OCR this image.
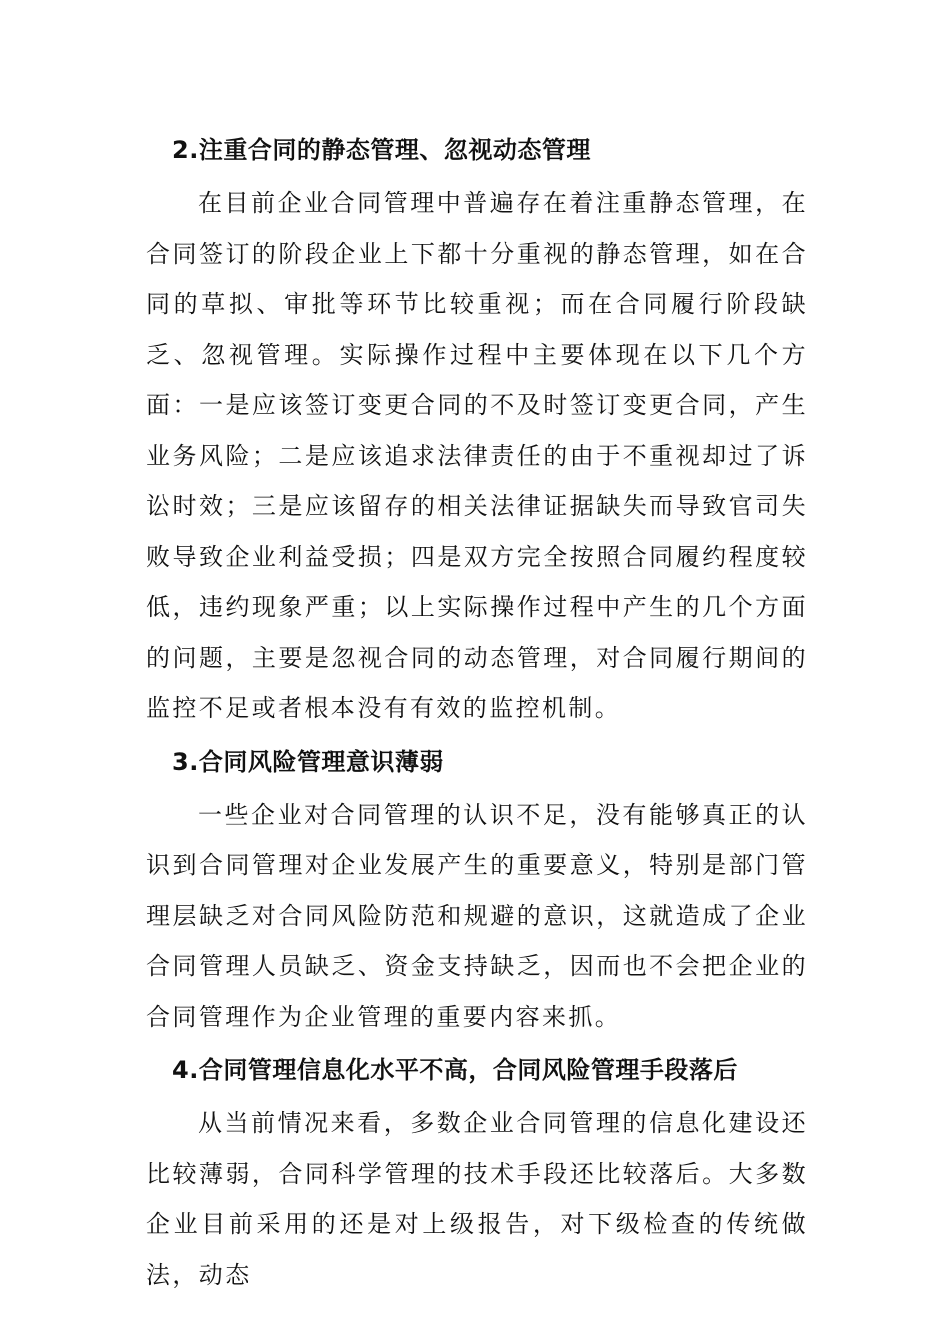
2.注重合同的静态管理、忽视动态管理

在目前企业合同管理中普遍存在着注重静态管理，在合同签订的阶段企业上下都十分重视的静态管理，如在合同的草拟、审批等环节比较重视；而在合同履行阶段缺乏、忽视管理。实际操作过程中主要体现在以下几个方面：一是应该签订变更合同的不及时签订变更合同，产生业务风险；二是应该追求法律责任的由于不重视却过了诉讼时效；三是应该留存的相关法律证据缺失而导致官司失败导致企业利益受损；四是双方完全按照合同履约程度较低，违约现象严重；以上实际操作过程中产生的几个方面的问题，主要是忽视合同的动态管理，对合同履行期间的监控不足或者根本没有有效的监控机制。

3.合同风险管理意识薄弱

一些企业对合同管理的认识不足，没有能够真正的认识到合同管理对企业发展产生的重要意义，特别是部门管理层缺乏对合同风险防范和规避的意识，这就造成了企业合同管理人员缺乏、资金支持缺乏，因而也不会把企业的合同管理作为企业管理的重要内容来抓。

4.合同管理信息化水平不高，合同风险管理手段落后

从当前情况来看，多数企业合同管理的信息化建设还比较薄弱，合同科学管理的技术手段还比较落后。大多数企业目前采用的还是对上级报告，对下级检查的传统做法，动态
